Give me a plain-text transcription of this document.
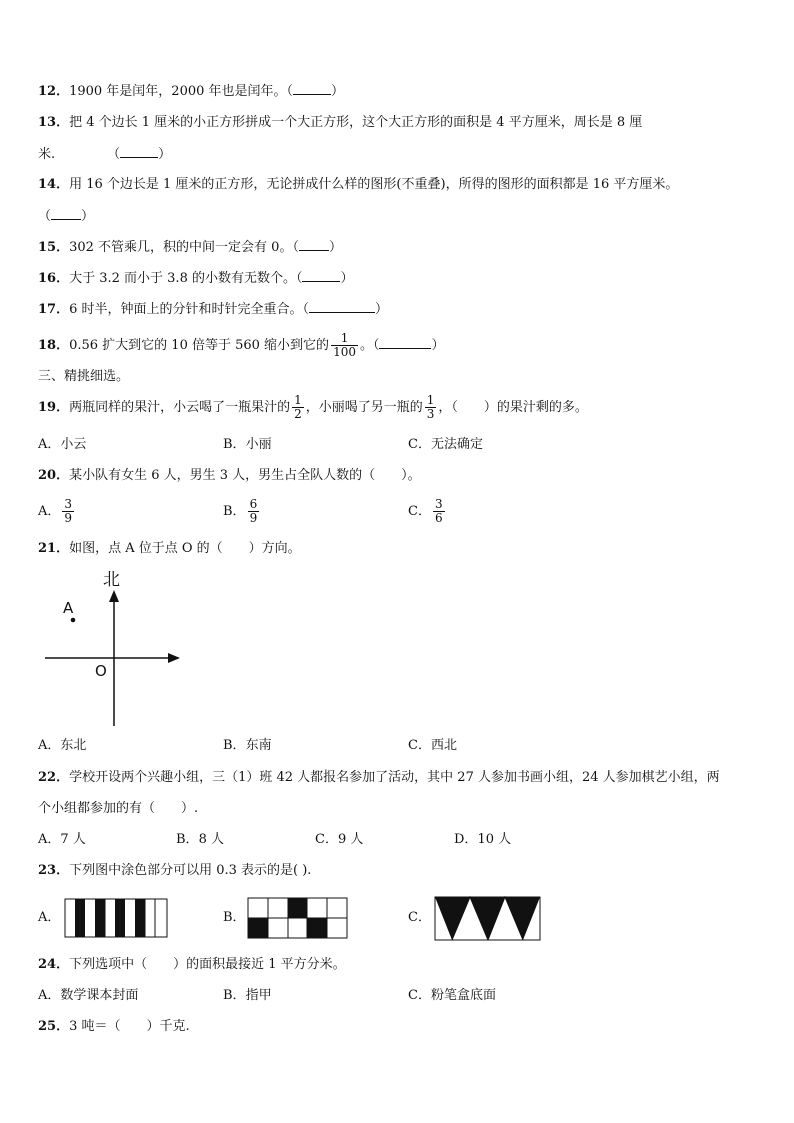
12．1900 年是闰年，2000 年也是闰年。（	）
13．把 4 个边长 1 厘米的小正方形拼成一个大正方形，这个大正方形的面积是 4 平方厘米，周长是 8 厘
米.	（	）
14．用 16 个边长是 1 厘米的正方形，无论拼成什么样的图形(不重叠)，所得的图形的面积都是 16 平方厘米。
（ ）
15．302 不管乘几，积的中间一定会有 0。（ ）
16．大于 3.2 而小于 3.8 的小数有无数个。（	）
17．6 时半，钟面上的分针和时针完全重合。（	）
18．0.56 扩大到它的 10 倍等于 560 缩小到它的 $\frac{1}{100}$ 。（	）
三、精挑细选。
19．两瓶同样的果汁，小云喝了一瓶果汁的 $\frac{1}{2}$ ，小丽喝了另一瓶的 $\frac{1}{3}$ ，（　　）的果汁剩的多。
A．小云	B．小丽	C．无法确定
20．某小队有女生 6 人，男生 3 人，男生占全队人数的（　　）。
A． $\frac{3}{9}$	B． $\frac{6}{9}$	C． $\frac{3}{6}$
21．如图，点 A 位于点 O 的（　　）方向。
北
A
O
A．东北	B．东南	C．西北
22．学校开设两个兴趣小组，三（1）班 42 人都报名参加了活动，其中 27 人参加书画小组，24 人参加棋艺小组，两
个小组都参加的有（　　）.
A．7 人	B．8 人	C．9 人	D．10 人
23．下列图中涂色部分可以用 0.3 表示的是( ).
A．	B．	C．
24．下列选项中（　　）的面积最接近 1 平方分米。
A．数学课本封面	B．指甲	C．粉笔盒底面
25．3 吨＝（　　）千克.
